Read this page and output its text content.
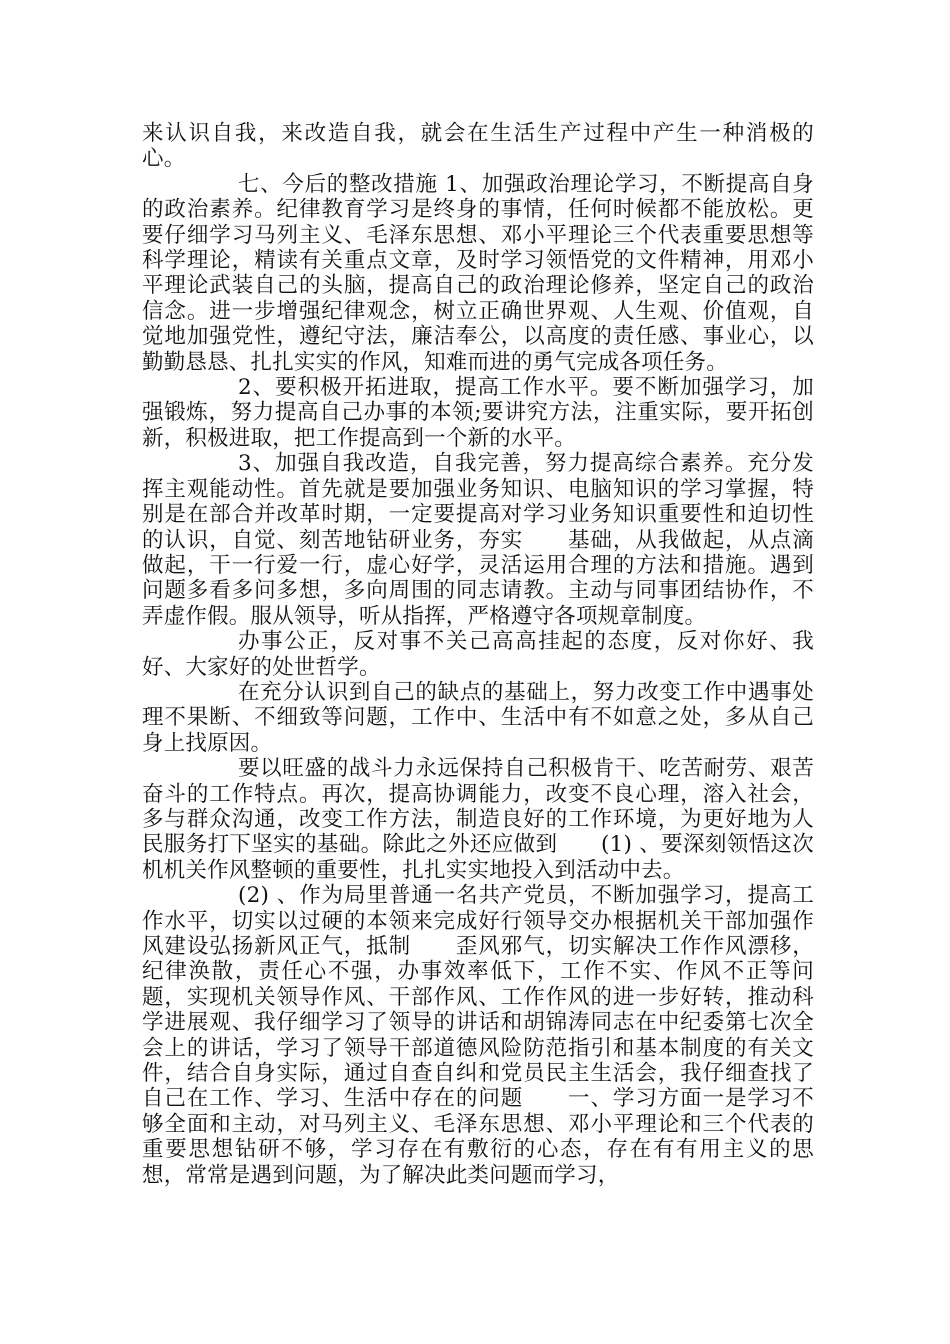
来认识自我，来改造自我，就会在生活生产过程中产生一种消极的心。

七、今后的整改措施 1、加强政治理论学习，不断提高自身的政治素养。纪律教育学习是终身的事情，任何时候都不能放松。更要仔细学习马列主义、毛泽东思想、邓小平理论三个代表重要思想等科学理论，精读有关重点文章，及时学习领悟党的文件精神，用邓小平理论武装自己的头脑，提高自己的政治理论修养，坚定自己的政治信念。进一步增强纪律观念，树立正确世界观、人生观、价值观，自觉地加强党性，遵纪守法，廉洁奉公，以高度的责任感、事业心，以勤勤恳恳、扎扎实实的作风，知难而进的勇气完成各项任务。

2、要积极开拓进取，提高工作水平。要不断加强学习，加强锻炼，努力提高自己办事的本领;要讲究方法，注重实际，要开拓创新，积极进取，把工作提高到一个新的水平。

3、加强自我改造，自我完善，努力提高综合素养。充分发挥主观能动性。首先就是要加强业务知识、电脑知识的学习掌握，特别是在部合并改革时期，一定要提高对学习业务知识重要性和迫切性的认识，自觉、刻苦地钻研业务，夯实　　基础，从我做起，从点滴做起，干一行爱一行，虚心好学，灵活运用合理的方法和措施。遇到问题多看多问多想，多向周围的同志请教。主动与同事团结协作，不弄虚作假。服从领导，听从指挥，严格遵守各项规章制度。

办事公正，反对事不关己高高挂起的态度，反对你好、我好、大家好的处世哲学。

在充分认识到自己的缺点的基础上，努力改变工作中遇事处理不果断、不细致等问题，工作中、生活中有不如意之处，多从自己身上找原因。

要以旺盛的战斗力永远保持自己积极肯干、吃苦耐劳、艰苦奋斗的工作特点。再次，提高协调能力，改变不良心理，溶入社会，多与群众沟通，改变工作方法，制造良好的工作环境，为更好地为人民服务打下坚实的基础。除此之外还应做到　　(1) 、要深刻领悟这次机机关作风整顿的重要性，扎扎实实地投入到活动中去。

(2) 、作为局里普通一名共产党员，不断加强学习，提高工作水平，切实以过硬的本领来完成好行领导交办根据机关干部加强作风建设弘扬新风正气，抵制　　歪风邪气，切实解决工作作风漂移，纪律涣散，责任心不强，办事效率低下，工作不实、作风不正等问题，实现机关领导作风、干部作风、工作作风的进一步好转，推动科学进展观、我仔细学习了领导的讲话和胡锦涛同志在中纪委第七次全会上的讲话，学习了领导干部道德风险防范指引和基本制度的有关文件，结合自身实际，通过自查自纠和党员民主生活会，我仔细查找了自己在工作、学习、生活中存在的问题　　一、学习方面一是学习不够全面和主动，对马列主义、毛泽东思想、邓小平理论和三个代表的重要思想钻研不够，学习存在有敷衍的心态，存在有有用主义的思想，常常是遇到问题，为了解决此类问题而学习，
